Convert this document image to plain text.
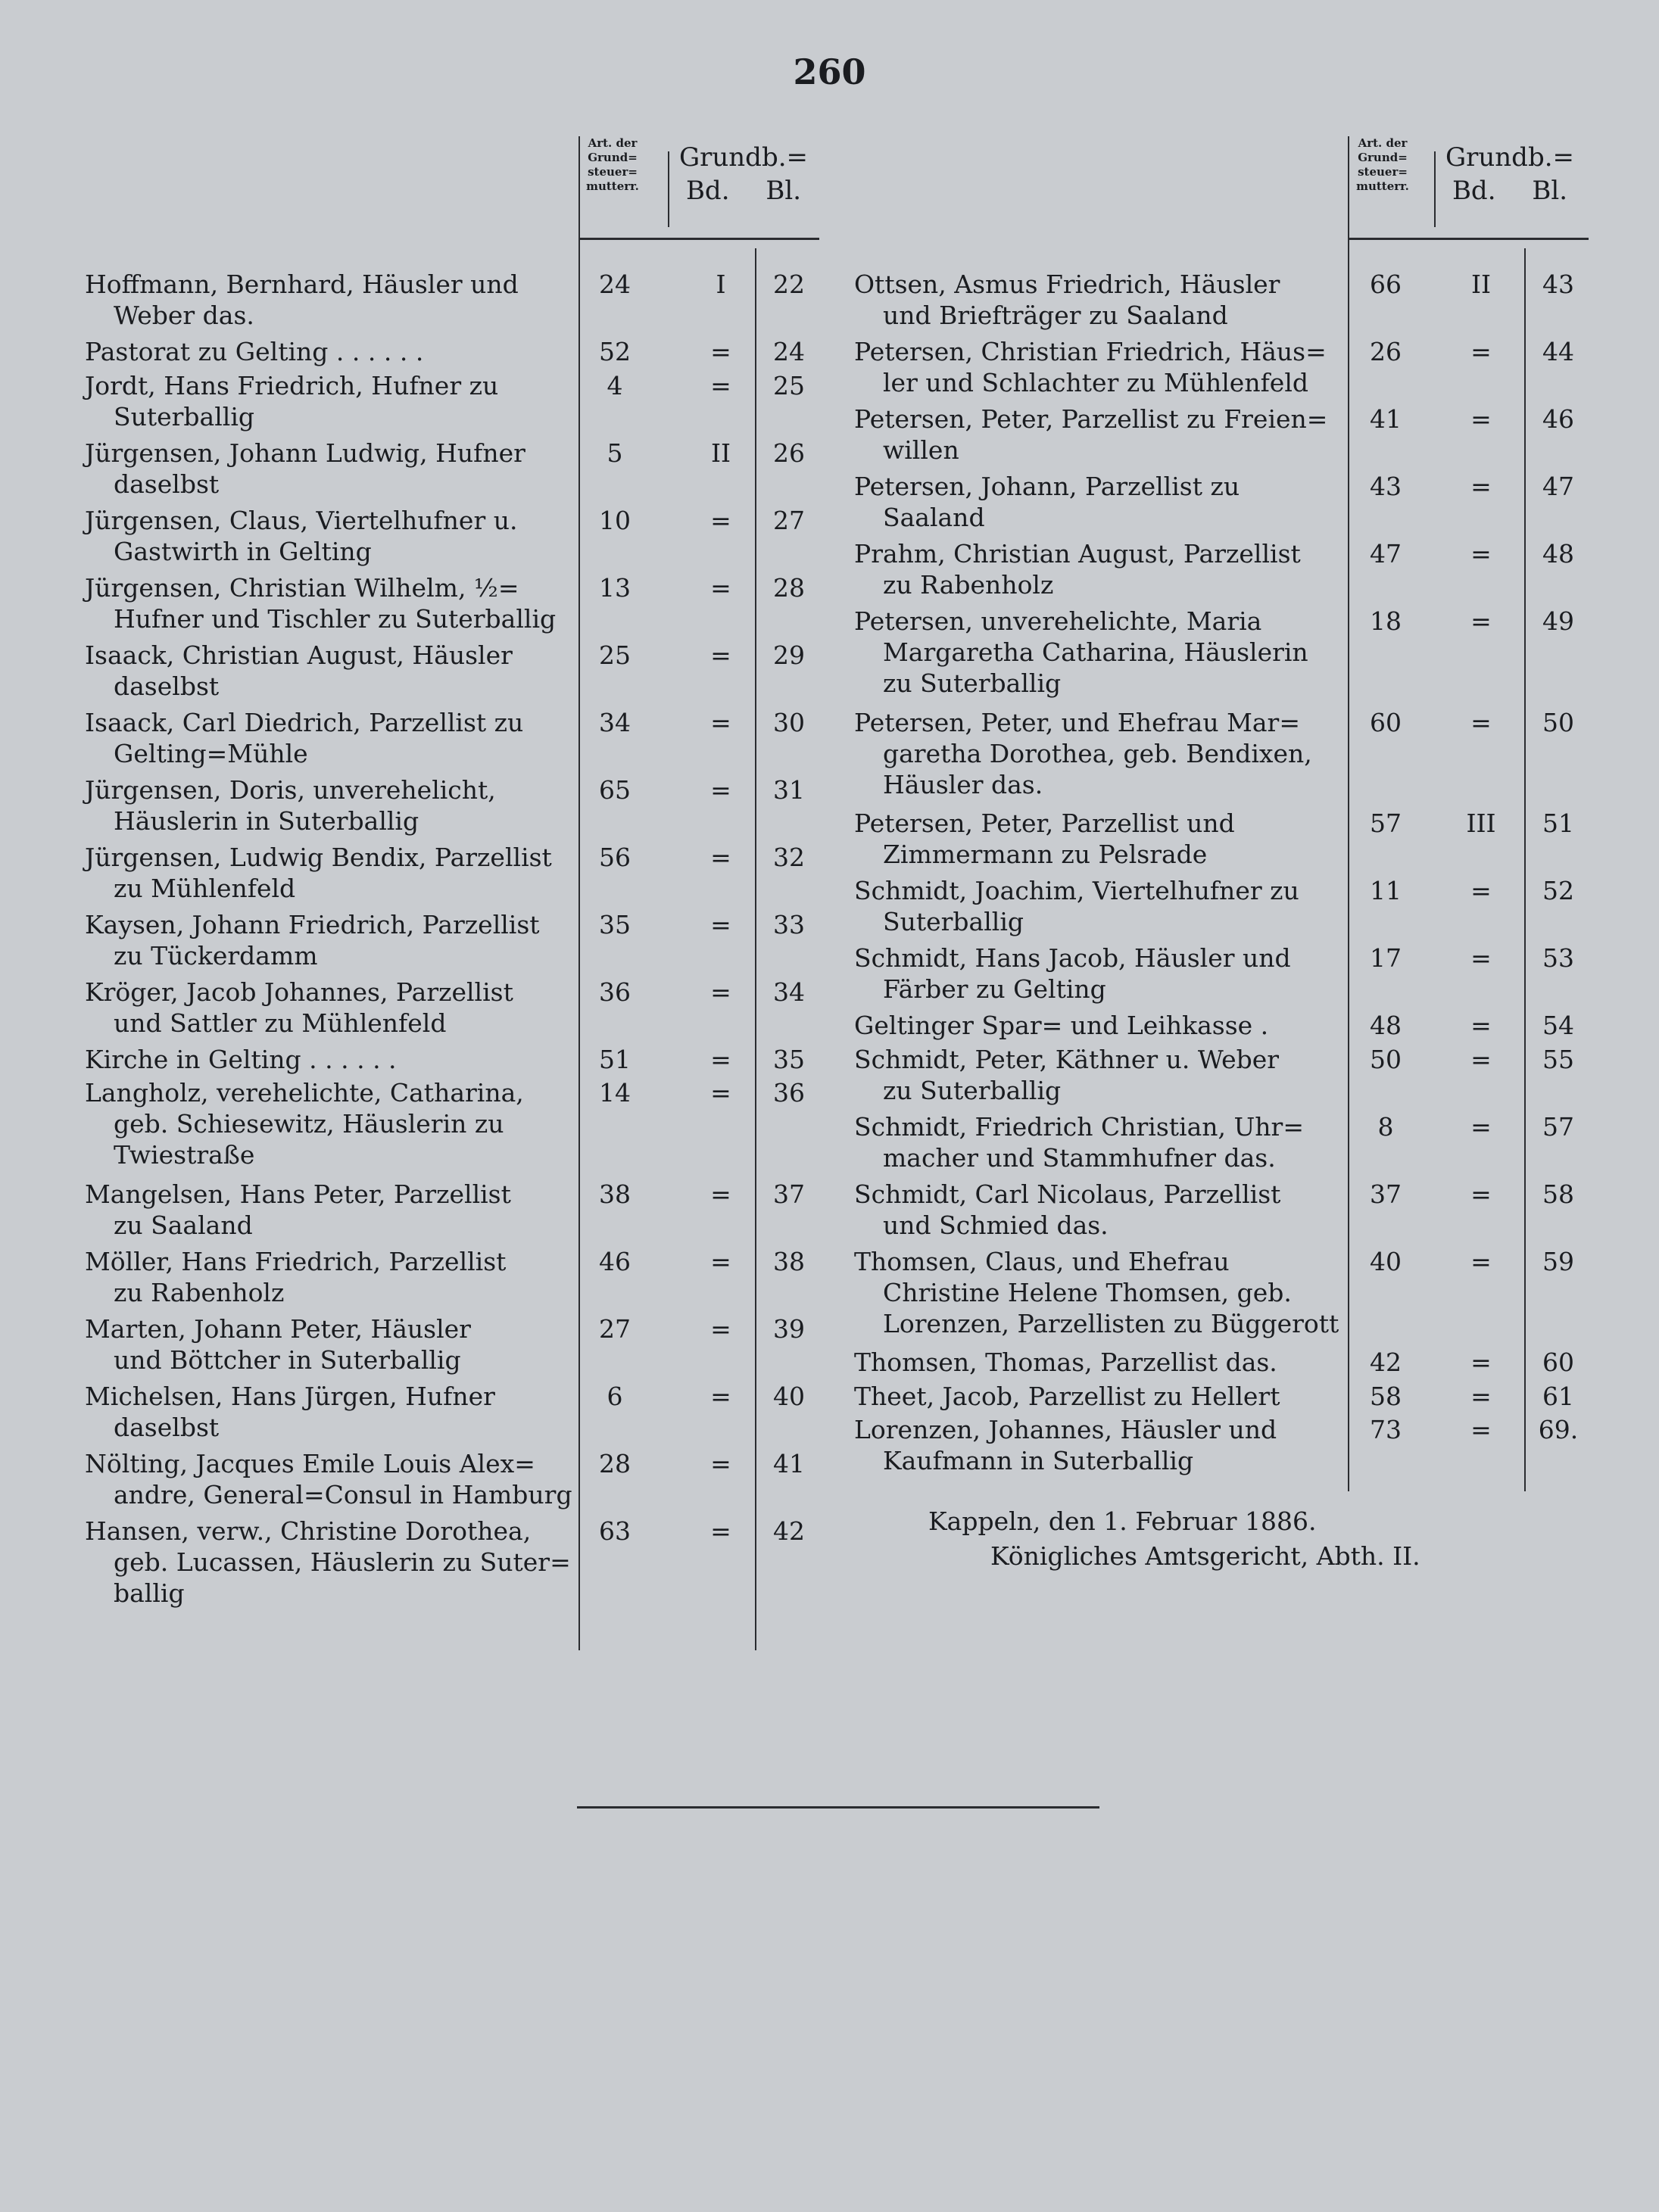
260
Art. der
Grund=
steuer=
mutterr.
Grundb.=
Bd. Bl.
Hoffmann, Bernhard, Häusler und
Weber das.
24	I	22
Pastorat zu Gelting . . . . . .	52	=	24
Jordt, Hans Friedrich, Hufner zu
Suterballig
4	=	25
Jürgensen, Johann Ludwig, Hufner
daselbst
5	II	26
Jürgensen, Claus, Viertelhufner u.
Gastwirth in Gelting
10	=	27
Jürgensen, Christian Wilhelm, ½=
Hufner und Tischler zu Suterballig
13	=	28
Isaack, Christian August, Häusler
daselbst
25	=	29
Isaack, Carl Diedrich, Parzellist zu
Gelting=Mühle
34	=	30
Jürgensen, Doris, unverehelicht,
Häuslerin in Suterballig
65	=	31
Jürgensen, Ludwig Bendix, Parzellist
zu Mühlenfeld
56	=	32
Kaysen, Johann Friedrich, Parzellist
zu Tückerdamm
35	=	33
Kröger, Jacob Johannes, Parzellist
und Sattler zu Mühlenfeld
36	=	34
Kirche in Gelting . . . . . .	51	=	35
Langholz, verehelichte, Catharina,
geb. Schiesewitz, Häuslerin zu
Twiestraße
14	=	36
Mangelsen, Hans Peter, Parzellist
zu Saaland
38	=	37
Möller, Hans Friedrich, Parzellist
zu Rabenholz
46	=	38
Marten, Johann Peter, Häusler
und Böttcher in Suterballig
27	=	39
Michelsen, Hans Jürgen, Hufner
daselbst
6	=	40
Nölting, Jacques Emile Louis Alex=
andre, General=Consul in Hamburg
28	=	41
Hansen, verw., Christine Dorothea,
geb. Lucassen, Häuslerin zu Suter=
ballig
63	=	42
Art. der
Grund=
steuer=
mutterr.
Grundb.=
Bd. Bl.
Ottsen, Asmus Friedrich, Häusler
und Briefträger zu Saaland
66	II	43
Petersen, Christian Friedrich, Häus=
ler und Schlachter zu Mühlenfeld
26	=	44
Petersen, Peter, Parzellist zu Freien=
willen
41	=	46
Petersen, Johann, Parzellist zu
Saaland
43	=	47
Prahm, Christian August, Parzellist
zu Rabenholz
47	=	48
Petersen, unverehelichte, Maria
Margaretha Catharina, Häuslerin
zu Suterballig
18	=	49
Petersen, Peter, und Ehefrau Mar=
garetha Dorothea, geb. Bendixen,
Häusler das.
60	=	50
Petersen, Peter, Parzellist und
Zimmermann zu Pelsrade
57	III	51
Schmidt, Joachim, Viertelhufner zu
Suterballig
11	=	52
Schmidt, Hans Jacob, Häusler und
Färber zu Gelting
17	=	53
Geltinger Spar= und Leihkasse .	48	=	54
Schmidt, Peter, Käthner u. Weber
zu Suterballig
50	=	55
Schmidt, Friedrich Christian, Uhr=
macher und Stammhufner das.
8	=	57
Schmidt, Carl Nicolaus, Parzellist
und Schmied das.
37	=	58
Thomsen, Claus, und Ehefrau
Christine Helene Thomsen, geb.
Lorenzen, Parzellisten zu Büggerott
40	=	59
Thomsen, Thomas, Parzellist das.	42	=	60
Theet, Jacob, Parzellist zu Hellert	58	=	61
Lorenzen, Johannes, Häusler und
Kaufmann in Suterballig
73	=	69.
Kappeln, den 1. Februar 1886.
Königliches Amtsgericht, Abth. II.
